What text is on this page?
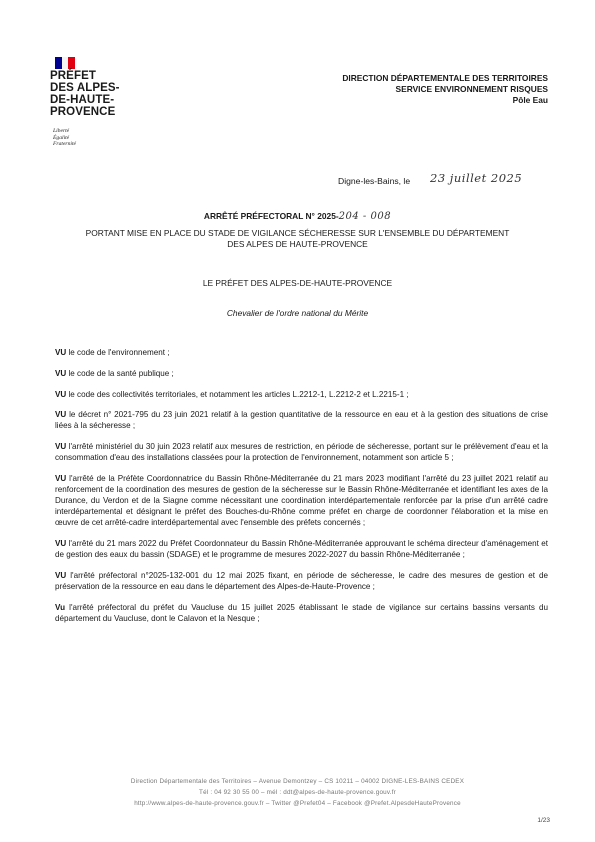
PRÉFET
DES ALPES-
DE-HAUTE-
PROVENCE
Liberté
Égalité
Fraternité
DIRECTION DÉPARTEMENTALE DES TERRITOIRES
SERVICE ENVIRONNEMENT RISQUES
Pôle Eau
Digne-les-Bains, le 23 juillet 2025
ARRÊTÉ PRÉFECTORAL N° 2025-204 - 008
PORTANT MISE EN PLACE DU STADE DE VIGILANCE SÉCHERESSE SUR L'ENSEMBLE DU DÉPARTEMENT
DES ALPES DE HAUTE-PROVENCE
LE PRÉFET DES ALPES-DE-HAUTE-PROVENCE
Chevalier de l'ordre national du Mérite

VU le code de l'environnement ;

VU le code de la santé publique ;

VU le code des collectivités territoriales, et notamment les articles L.2212-1, L.2212-2 et L.2215-1 ;

VU le décret n° 2021-795 du 23 juin 2021 relatif à la gestion quantitative de la ressource en eau et à la gestion des situations de crise liées à la sécheresse ;

VU l'arrêté ministériel du 30 juin 2023 relatif aux mesures de restriction, en période de sécheresse, portant sur le prélèvement d'eau et la consommation d'eau des installations classées pour la protection de l'environnement, notamment son article 5 ;

VU l'arrêté de la Préfète Coordonnatrice du Bassin Rhône-Méditerranée du 21 mars 2023 modifiant l'arrêté du 23 juillet 2021 relatif au renforcement de la coordination des mesures de gestion de la sécheresse sur le Bassin Rhône-Méditerranée et identifiant les axes de la Durance, du Verdon et de la Siagne comme nécessitant une coordination interdépartementale renforcée par la prise d'un arrêté cadre interdépartemental et désignant le préfet des Bouches-du-Rhône comme préfet en charge de coordonner l'élaboration et la mise en œuvre de cet arrêté-cadre interdépartemental avec l'ensemble des préfets concernés ;

VU l'arrêté du 21 mars 2022 du Préfet Coordonnateur du Bassin Rhône-Méditerranée approuvant le schéma directeur d'aménagement et de gestion des eaux du bassin (SDAGE) et le programme de mesures 2022-2027 du bassin Rhône-Méditerranée ;

VU l'arrêté préfectoral n°2025-132-001 du 12 mai 2025 fixant, en période de sécheresse, le cadre des mesures de gestion et de préservation de la ressource en eau dans le département des Alpes-de-Haute-Provence ;

Vu l'arrêté préfectoral du préfet du Vaucluse du 15 juillet 2025 établissant le stade de vigilance sur certains bassins versants du département du Vaucluse, dont le Calavon et la Nesque ;

Direction Départementale des Territoires – Avenue Demontzey – CS 10211 – 04002 DIGNE-LES-BAINS CEDEX
Tél : 04 92 30 55 00 – mél : ddt@alpes-de-haute-provence.gouv.fr
http://www.alpes-de-haute-provence.gouv.fr – Twitter @Prefet04 – Facebook @Prefet.AlpesdeHauteProvence
1/23
